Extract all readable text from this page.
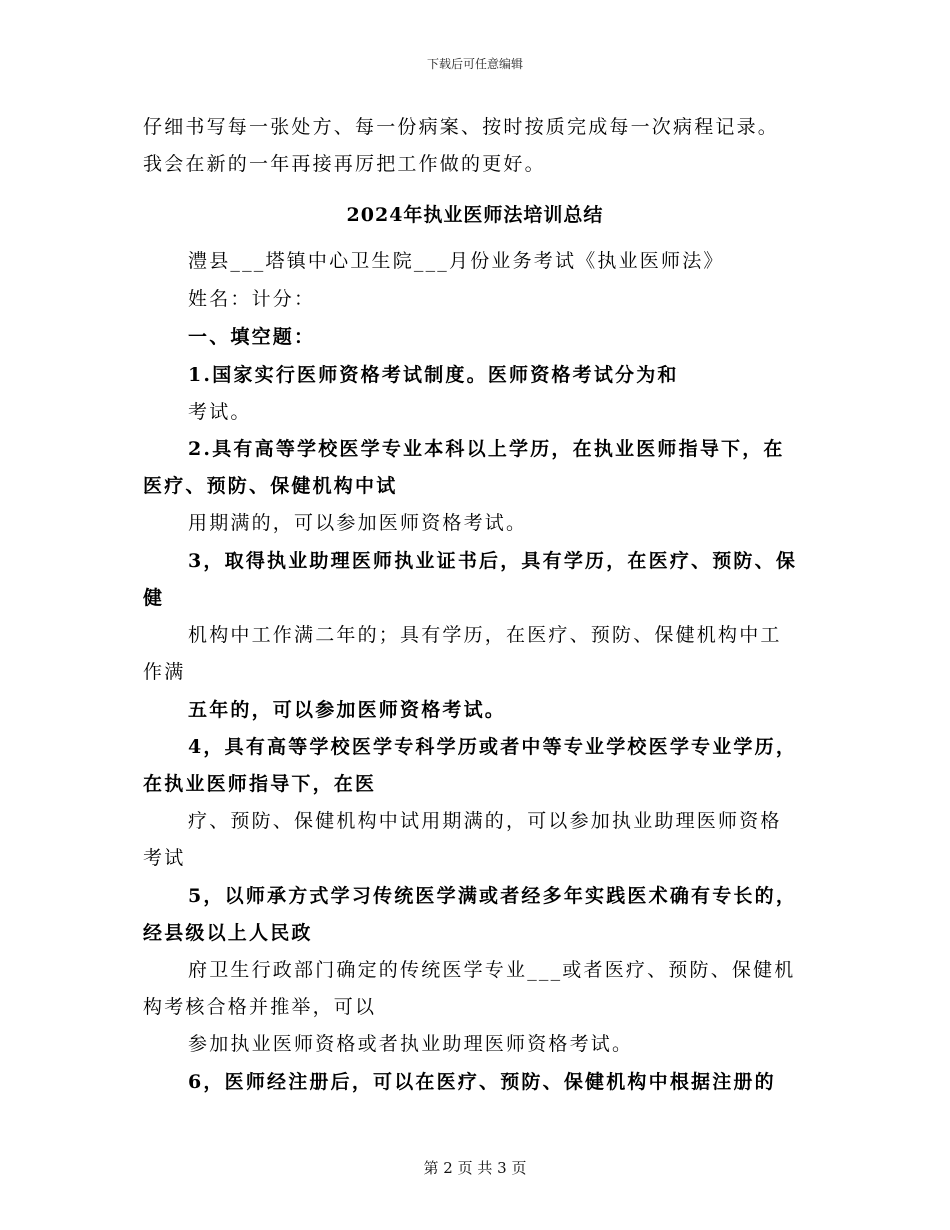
下载后可任意编辑
仔细书写每一张处方、每一份病案、按时按质完成每一次病程记录。
我会在新的一年再接再厉把工作做的更好。
2024年执业医师法培训总结
澧县___塔镇中心卫生院___月份业务考试《执业医师法》
姓名：计分：
一、填空题：
1.国家实行医师资格考试制度。医师资格考试分为和
考试。
2.具有高等学校医学专业本科以上学历，在执业医师指导下，在
医疗、预防、保健机构中试
用期满的，可以参加医师资格考试。
3，取得执业助理医师执业证书后，具有学历，在医疗、预防、保
健
机构中工作满二年的；具有学历，在医疗、预防、保健机构中工
作满
五年的，可以参加医师资格考试。
4，具有高等学校医学专科学历或者中等专业学校医学专业学历，
在执业医师指导下，在医
疗、预防、保健机构中试用期满的，可以参加执业助理医师资格
考试
5，以师承方式学习传统医学满或者经多年实践医术确有专长的，
经县级以上人民政
府卫生行政部门确定的传统医学专业___或者医疗、预防、保健机
构考核合格并推举，可以
参加执业医师资格或者执业助理医师资格考试。
6，医师经注册后，可以在医疗、预防、保健机构中根据注册的
第 2 页 共 3 页
